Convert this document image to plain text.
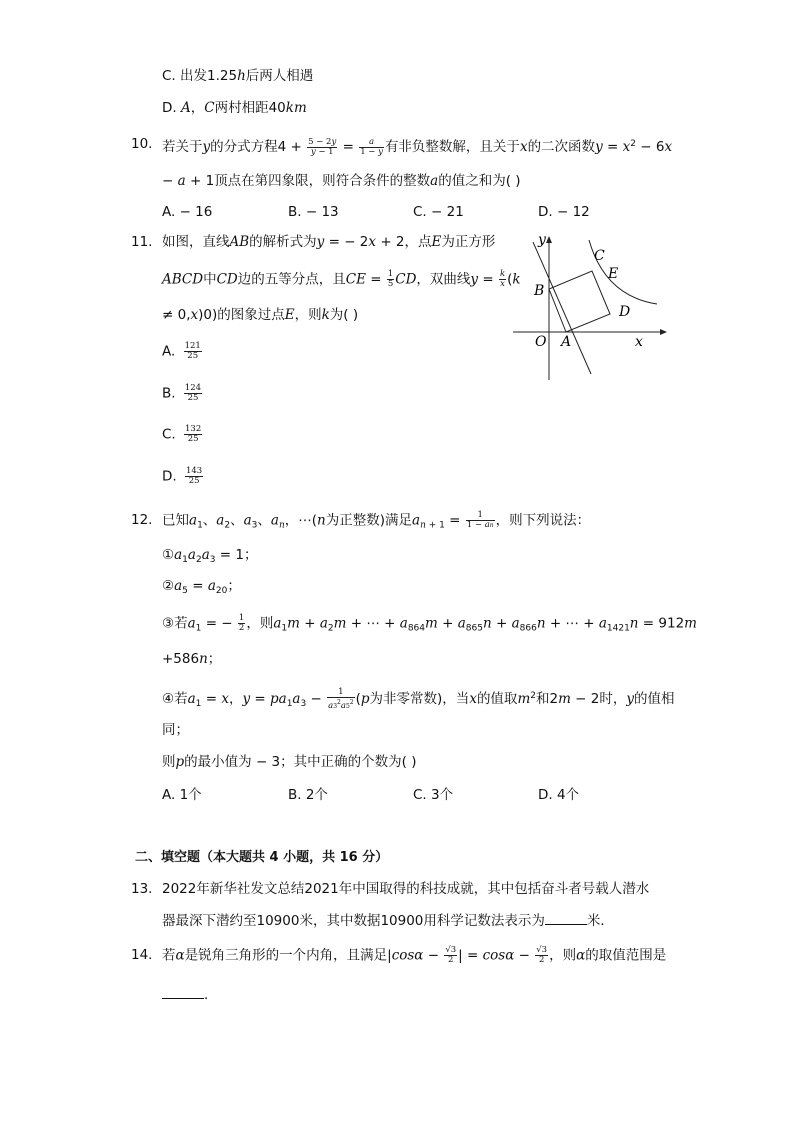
C. 出发1.25h后两人相遇
D. A，C两村相距40km
10. 若关于y的分式方程$4 + \frac{5 - 2y}{y - 1} = \frac{a}{1 - y}$ 有非负整数解，且关于x的二次函数$y = x^2 - 6x$
− a + 1顶点在第四象限，则符合条件的整数a的值之和为( )
A. − 16	B. − 13	C. − 21	D. − 12
11. 如图，直线AB的解析式为y = − 2x + 2，点E为正方形
ABCD中CD边的五等分点，且CE = $\frac{1}{5}$ CD，双曲线$y = \frac{k}{x} (k$
≠ 0,x)0)的图象过点E，则k为( )
A. $\frac{121}{25}$
B. $\frac{124}{25}$
C. $\frac{132}{25}$
D. $\frac{143}{25}$
y
x
O A
B
C
E
D
12. 已知$a_1$、$a_2$、$a_3$、$a_n$，⋯(n为正整数)满足$a_{n + 1} = \frac{1}{1 - an}$ ，则下列说法：
$①a_1a_2a_3 = 1$；
$②a_5 = a_{20}$；
③若$a_1$ = − $\frac{1}{2}$ ，则$a_1m + a_2m$ + ⋯ + $a_{864}m + a_{865}n + a_{866}n$ + ⋯ + $a_{1421}n = 912m$
+586n；
④若$a_1 = x$，$y = pa_1a_3 - \frac{1}{a3^2a5^2} (p$为非零常数)，当x的值取$m^2$和2m − 2时，y的值相
同；
则p的最小值为 − 3；其中正确的个数为( )
A. 1个	B. 2个	C. 3个	D. 4个
二、填空题（本大题共 4 小题，共 16 分）
13. 2022年新华社发文总结2021年中国取得的科技成就，其中包括奋斗者号载人潜水
器最深下潜约至10900米，其中数据10900用科学记数法表示为	米．
14. 若α是锐角三角形的一个内角，且满足$|\cos\alpha - \frac{√3}{2}$ | = $\cos\alpha - \frac{√3}{2}$ ，则α的取值范围是
．
